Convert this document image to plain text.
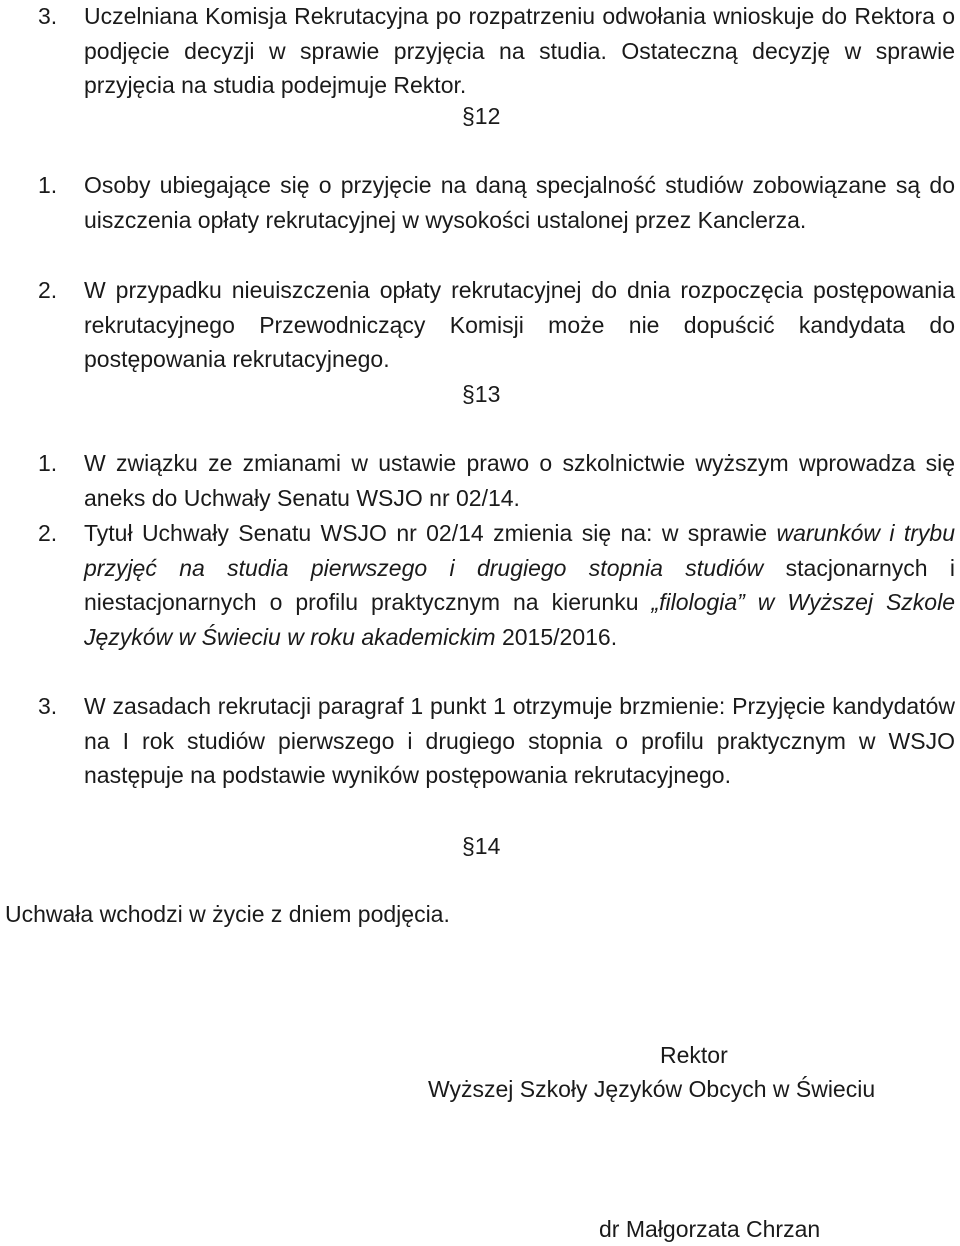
3. Uczelniana Komisja Rekrutacyjna po rozpatrzeniu odwołania wnioskuje do Rektora o podjęcie decyzji w sprawie przyjęcia na studia. Ostateczną decyzję w sprawie przyjęcia na studia podejmuje Rektor.
§12
1. Osoby ubiegające się o przyjęcie na daną specjalność studiów zobowiązane są do uiszczenia opłaty rekrutacyjnej w wysokości ustalonej przez Kanclerza.
2. W przypadku nieuiszczenia opłaty rekrutacyjnej do dnia rozpoczęcia postępowania rekrutacyjnego Przewodniczący Komisji może nie dopuścić kandydata do postępowania rekrutacyjnego.
§13
1. W związku ze zmianami w ustawie prawo o szkolnictwie wyższym wprowadza się aneks do Uchwały Senatu WSJO nr 02/14.
2. Tytuł Uchwały Senatu WSJO nr 02/14 zmienia się na: w sprawie warunków i trybu przyjęć na studia pierwszego i drugiego stopnia studiów stacjonarnych i niestacjonarnych o profilu praktycznym na kierunku „filologia” w Wyższej Szkole Języków w Świeciu w roku akademickim 2015/2016.
3. W zasadach rekrutacji paragraf 1 punkt 1 otrzymuje brzmienie: Przyjęcie kandydatów na I rok studiów pierwszego i drugiego stopnia o profilu praktycznym w WSJO następuje na podstawie wyników postępowania rekrutacyjnego.
§14
Uchwała wchodzi w życie z dniem podjęcia.
Rektor
Wyższej Szkoły Języków Obcych w Świeciu
dr Małgorzata Chrzan
